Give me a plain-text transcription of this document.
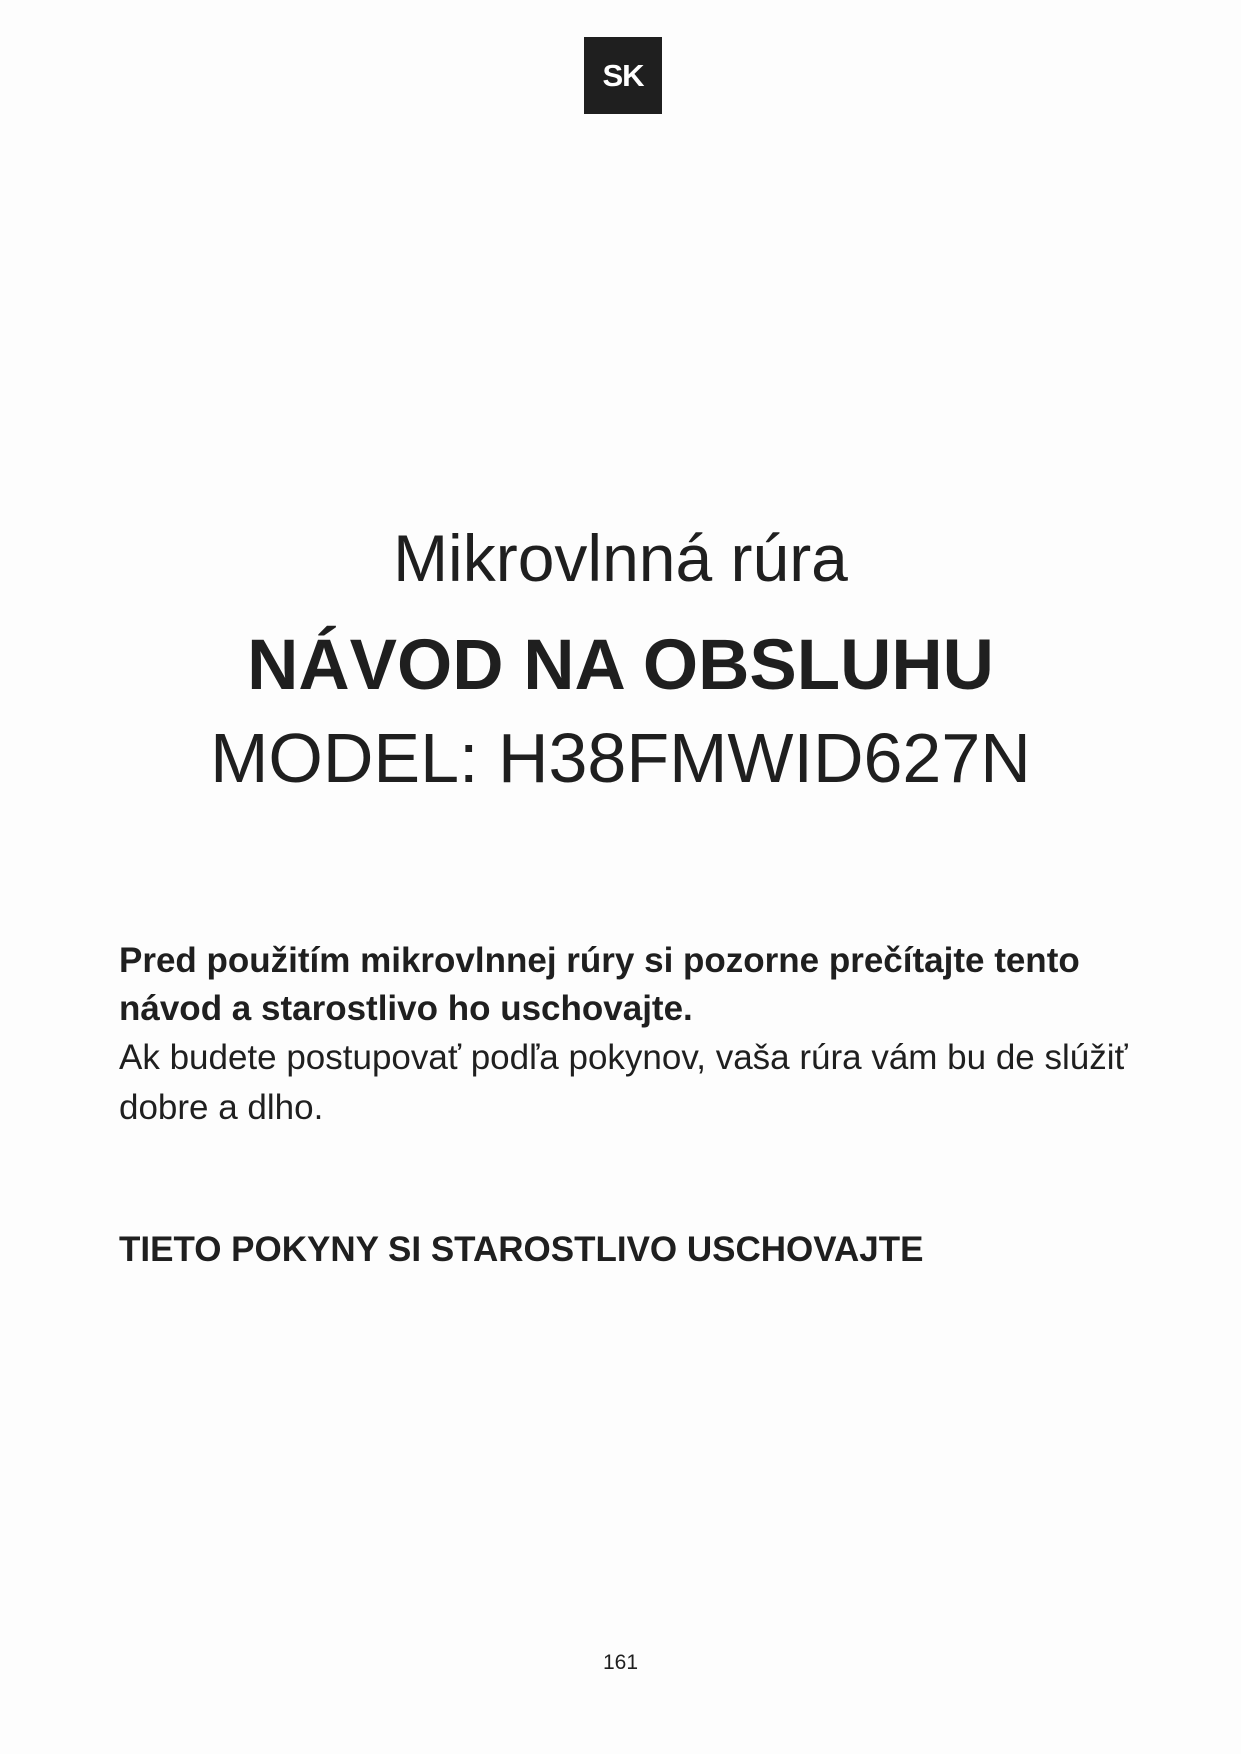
SK
Mikrovlnná rúra
NÁVOD NA OBSLUHU
MODEL: H38FMWID627N
Pred použitím mikrovlnnej rúry si pozorne prečítajte tento návod a starostlivo ho uschovajte.
Ak budete postupovať podľa pokynov, vaša rúra vám bu de slúžiť dobre a dlho.
TIETO POKYNY SI STAROSTLIVO USCHOVAJTE
161
